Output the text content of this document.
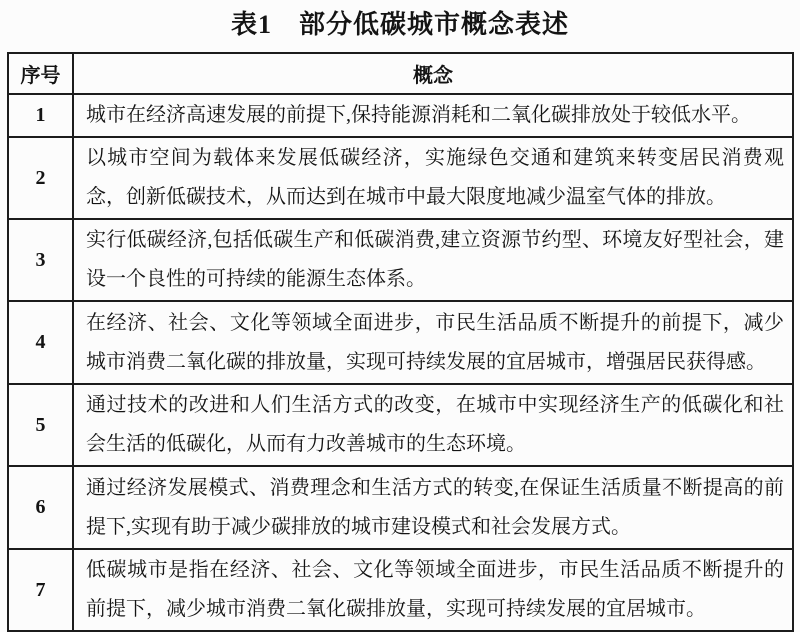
表1　部分低碳城市概念表述
序号	概念
1	城市在经济高速发展的前提下,保持能源消耗和二氧化碳排放处于较低水平。
2	以城市空间为载体来发展低碳经济，实施绿色交通和建筑来转变居民消费观念，创新低碳技术，从而达到在城市中最大限度地减少温室气体的排放。
3	实行低碳经济,包括低碳生产和低碳消费,建立资源节约型、环境友好型社会，建设一个良性的可持续的能源生态体系。
4	在经济、社会、文化等领域全面进步，市民生活品质不断提升的前提下，减少城市消费二氧化碳的排放量，实现可持续发展的宜居城市，增强居民获得感。
5	通过技术的改进和人们生活方式的改变，在城市中实现经济生产的低碳化和社会生活的低碳化，从而有力改善城市的生态环境。
6	通过经济发展模式、消费理念和生活方式的转变,在保证生活质量不断提高的前提下,实现有助于减少碳排放的城市建设模式和社会发展方式。
7	低碳城市是指在经济、社会、文化等领域全面进步，市民生活品质不断提升的前提下，减少城市消费二氧化碳排放量，实现可持续发展的宜居城市。
